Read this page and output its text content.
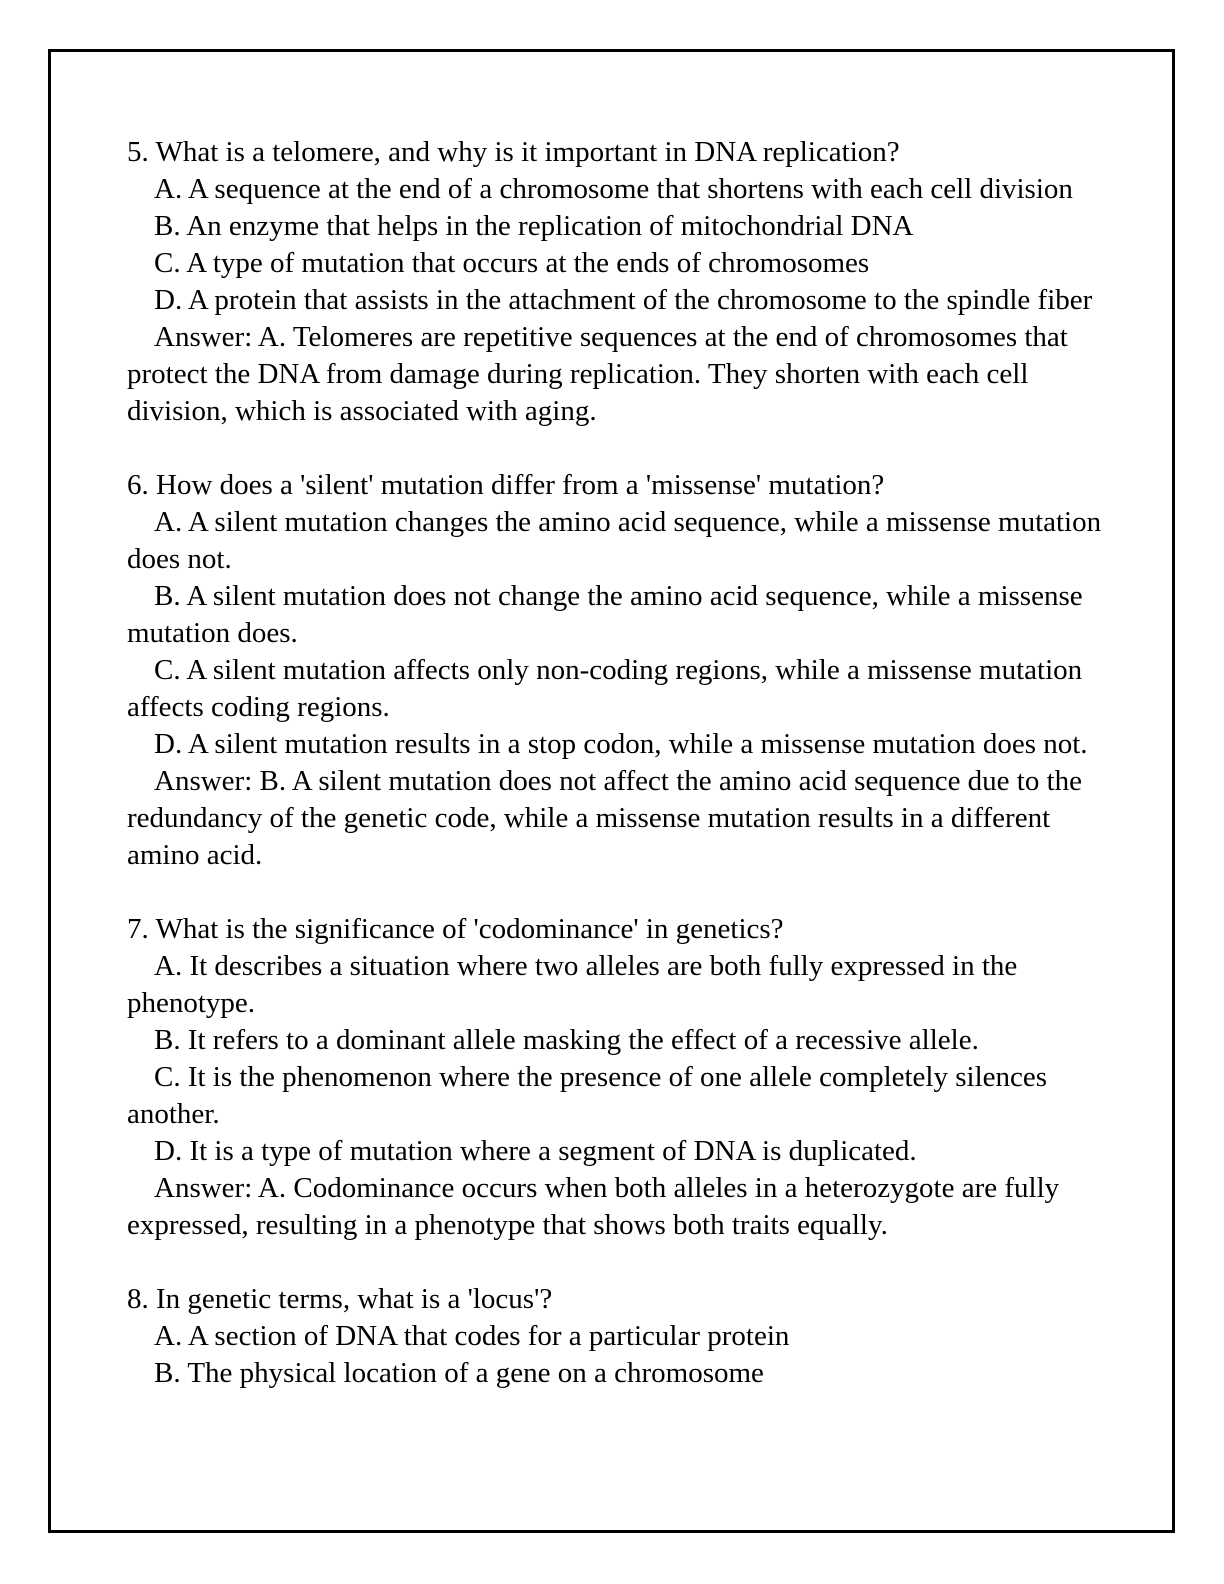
5. What is a telomere, and why is it important in DNA replication?

A. A sequence at the end of a chromosome that shortens with each cell division

B. An enzyme that helps in the replication of mitochondrial DNA

C. A type of mutation that occurs at the ends of chromosomes

D. A protein that assists in the attachment of the chromosome to the spindle fiber

Answer: A. Telomeres are repetitive sequences at the end of chromosomes that protect the DNA from damage during replication. They shorten with each cell division, which is associated with aging.

6. How does a 'silent' mutation differ from a 'missense' mutation?

A. A silent mutation changes the amino acid sequence, while a missense mutation does not.

B. A silent mutation does not change the amino acid sequence, while a missense mutation does.

C. A silent mutation affects only non-coding regions, while a missense mutation affects coding regions.

D. A silent mutation results in a stop codon, while a missense mutation does not.

Answer: B. A silent mutation does not affect the amino acid sequence due to the redundancy of the genetic code, while a missense mutation results in a different amino acid.

7. What is the significance of 'codominance' in genetics?

A. It describes a situation where two alleles are both fully expressed in the phenotype.

B. It refers to a dominant allele masking the effect of a recessive allele.

C. It is the phenomenon where the presence of one allele completely silences another.

D. It is a type of mutation where a segment of DNA is duplicated.

Answer: A. Codominance occurs when both alleles in a heterozygote are fully expressed, resulting in a phenotype that shows both traits equally.

8. In genetic terms, what is a 'locus'?

A. A section of DNA that codes for a particular protein

B. The physical location of a gene on a chromosome
